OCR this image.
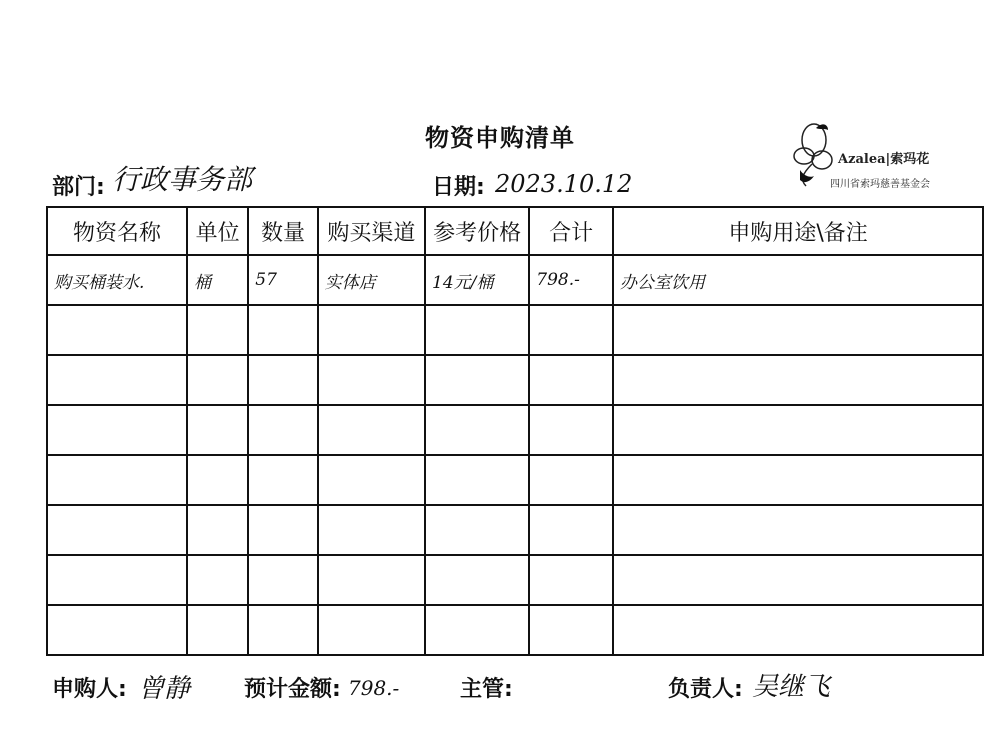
物资申购清单
Azalea|索玛花
四川省索玛慈善基金会
部门: 行政事务部	日期: 2023.10.12
物资名称	单位	数量	购买渠道	参考价格	合计	申购用途\备注
购买桶装水.	桶	57	实体店	14元/桶	798.-	办公室饮用

申购人: 曾静 预计金额: 798.-	主管:	负责人: 吴继飞
